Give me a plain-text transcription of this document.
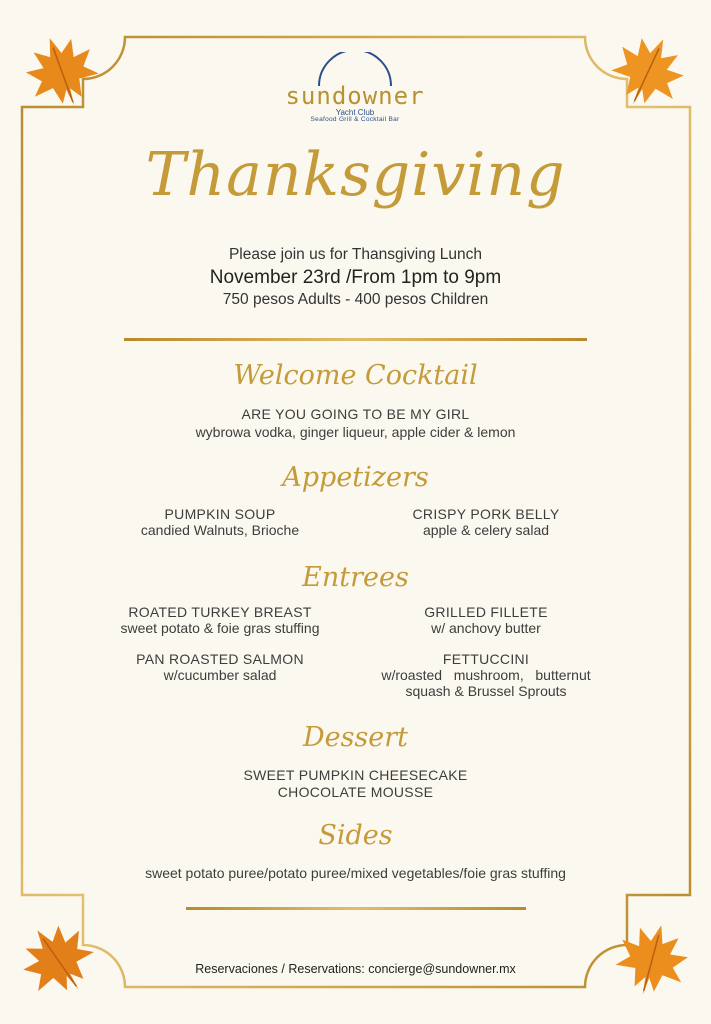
sundowner
Yacht Club
Seafood Grill & Cocktail Bar
Thanksgiving
Please join us for Thansgiving Lunch
November 23rd /From 1pm to 9pm
750 pesos Adults - 400 pesos Children
Welcome Cocktail
ARE YOU GOING TO BE MY GIRL
wybrowa vodka, ginger liqueur, apple cider & lemon
Appetizers
PUMPKIN SOUP
candied Walnuts, Brioche
CRISPY PORK BELLY
apple & celery salad
Entrees
ROATED TURKEY BREAST
sweet potato & foie gras stuffing
GRILLED FILLETE
w/ anchovy butter
PAN ROASTED SALMON
w/cucumber salad
FETTUCCINI
w/roasted   mushroom,   butternut
squash & Brussel Sprouts
Dessert
SWEET PUMPKIN CHEESECAKE
CHOCOLATE MOUSSE
Sides
sweet potato puree/potato puree/mixed vegetables/foie gras stuffing
Reservaciones / Reservations: concierge@sundowner.mx
